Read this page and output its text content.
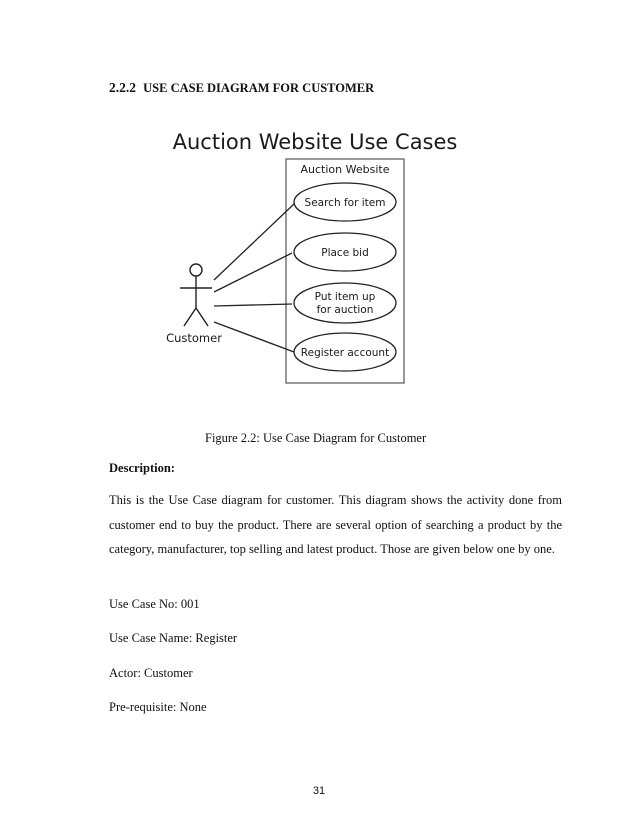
2.2.2 USE CASE DIAGRAM FOR CUSTOMER
Auction Website Use Cases
Auction Website
Customer
Search for item
Place bid
Put item up
for auction
Register account
Figure 2.2: Use Case Diagram for Customer
Description:
This is the Use Case diagram for customer. This diagram shows the activity done from customer end to buy the product. There are several option of searching a product by the category, manufacturer, top selling and latest product. Those are given below one by one.
Use Case No: 001
Use Case Name: Register
Actor: Customer
Pre-requisite: None
31
